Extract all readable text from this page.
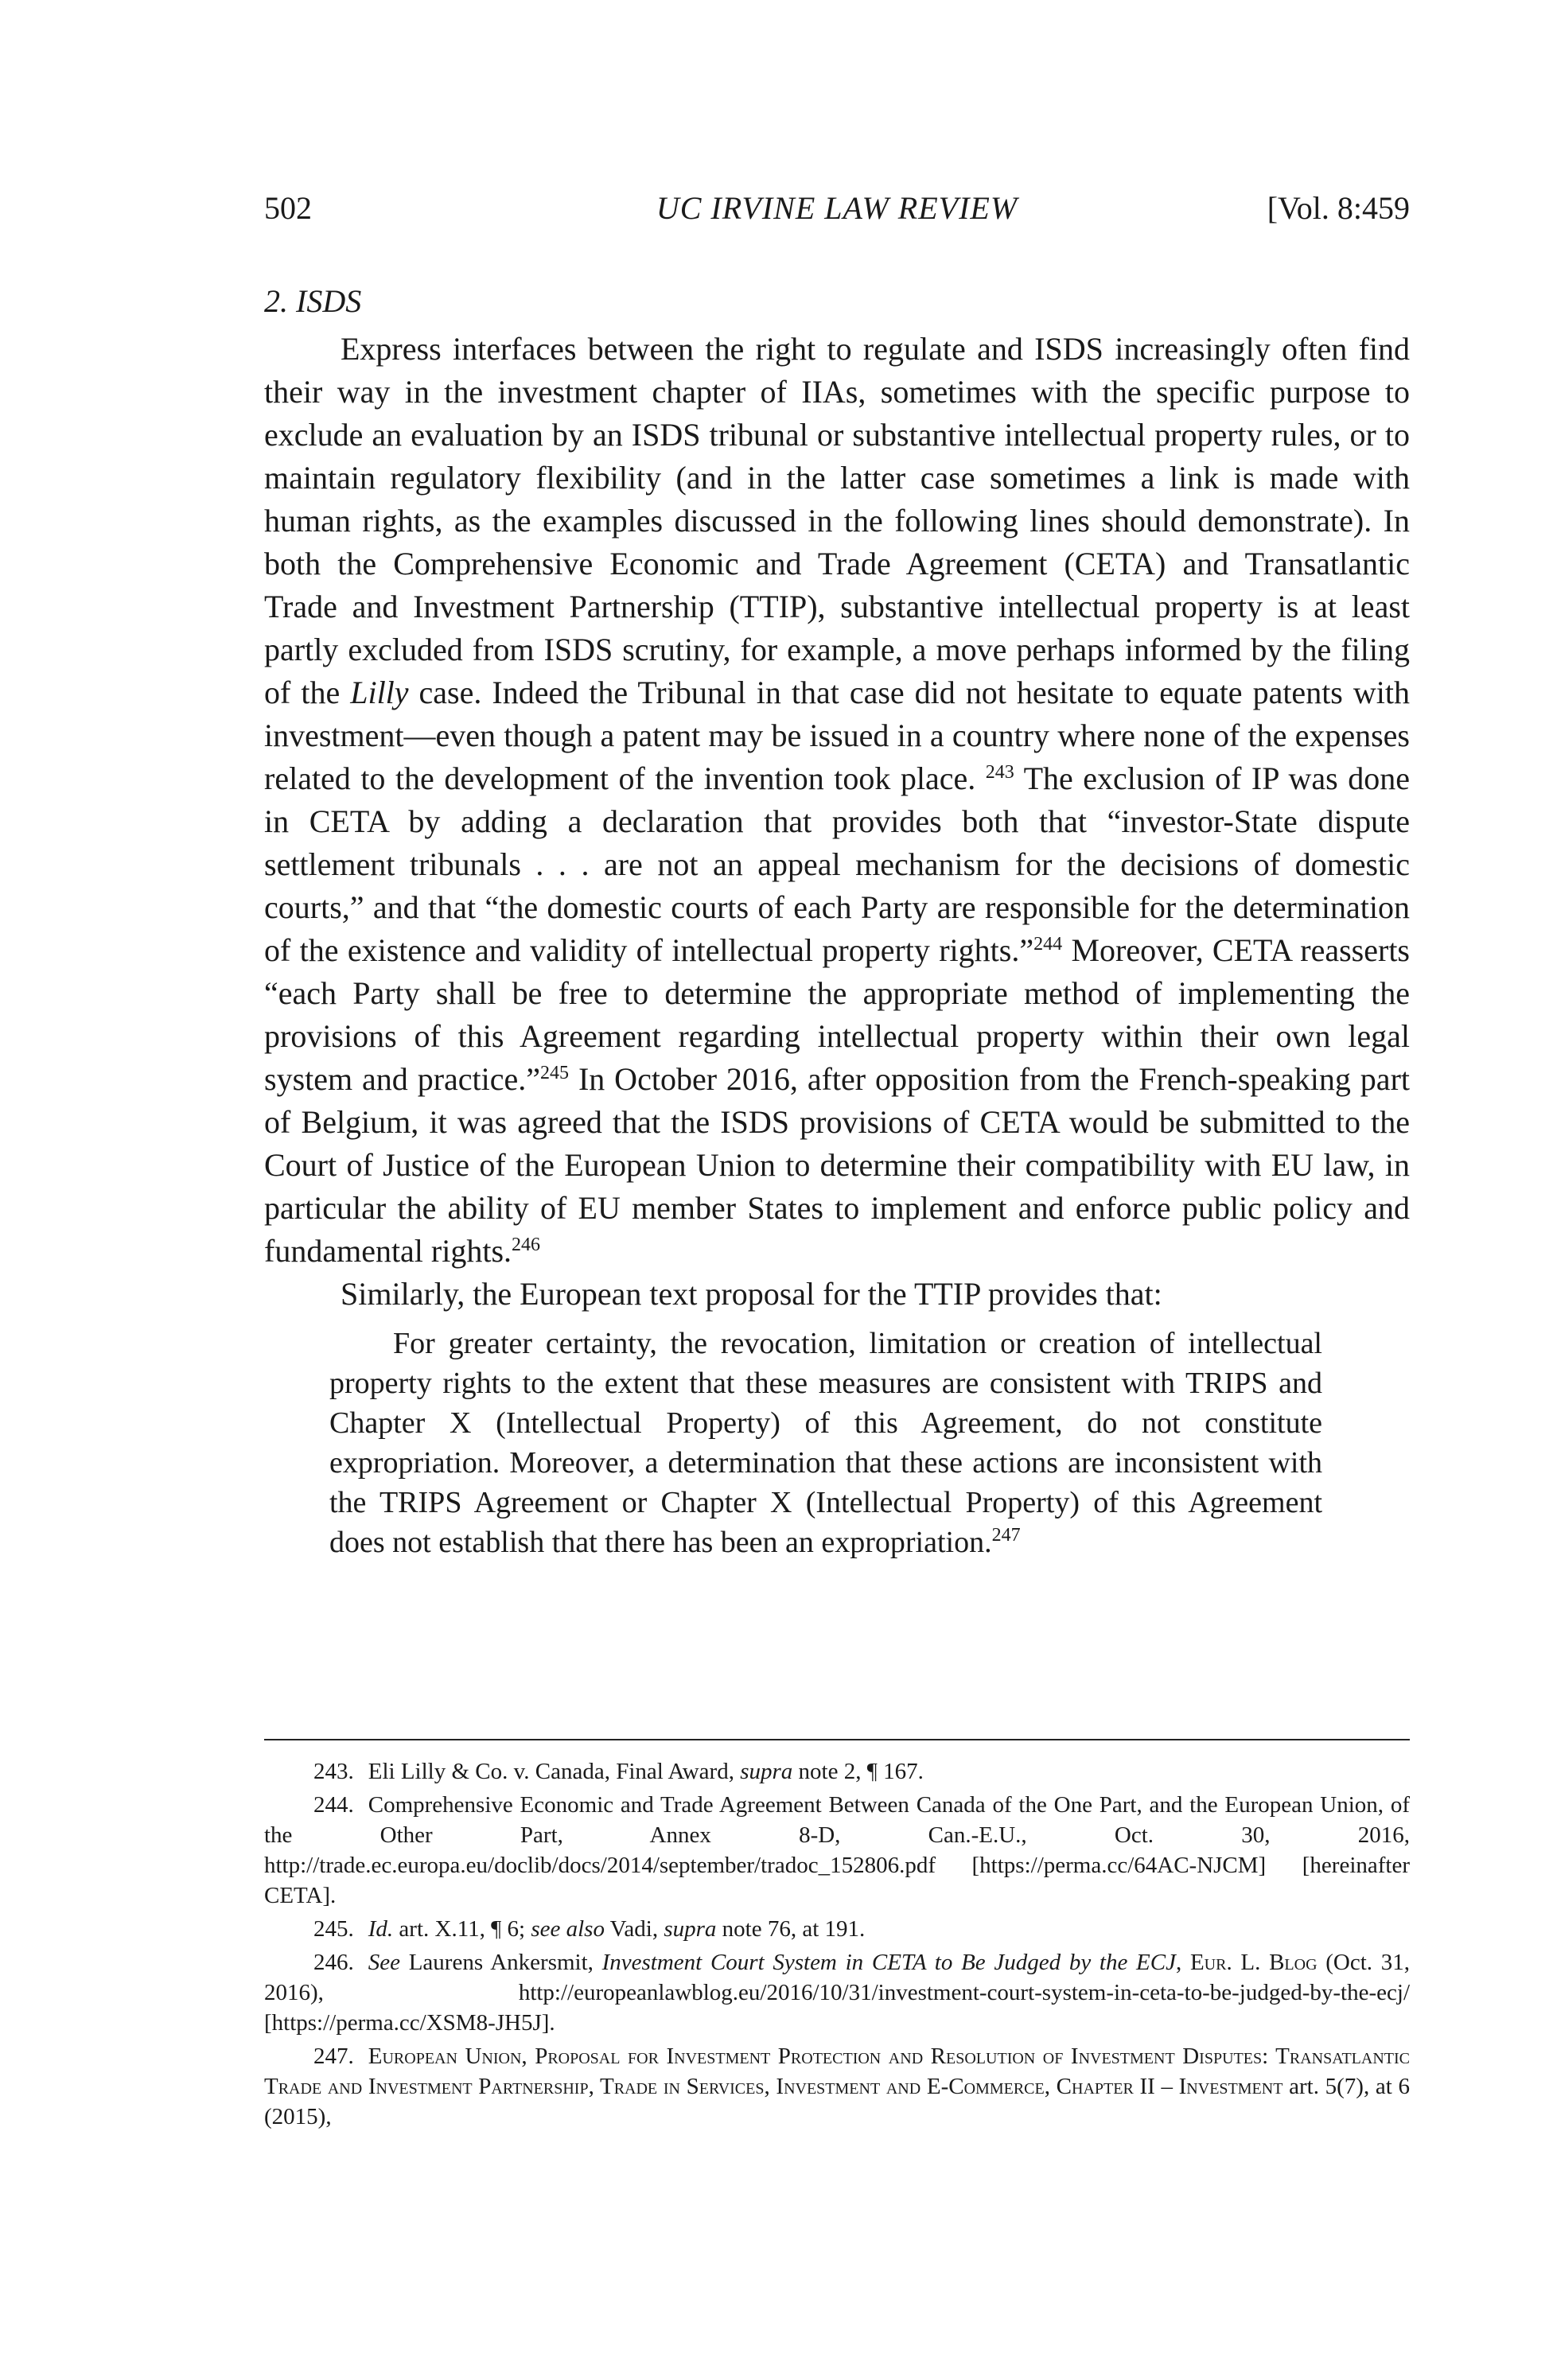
502	UC IRVINE LAW REVIEW	[Vol. 8:459
2. ISDS

Express interfaces between the right to regulate and ISDS increasingly often find their way in the investment chapter of IIAs, sometimes with the specific purpose to exclude an evaluation by an ISDS tribunal or substantive intellectual property rules, or to maintain regulatory flexibility (and in the latter case sometimes a link is made with human rights, as the examples discussed in the following lines should demonstrate). In both the Comprehensive Economic and Trade Agreement (CETA) and Transatlantic Trade and Investment Partnership (TTIP), substantive intellectual property is at least partly excluded from ISDS scrutiny, for example, a move perhaps informed by the filing of the Lilly case. Indeed the Tribunal in that case did not hesitate to equate patents with investment—even though a patent may be issued in a country where none of the expenses related to the development of the invention took place. $^{243}$ The exclusion of IP was done in CETA by adding a declaration that provides both that “investor-State dispute settlement tribunals . . . are not an appeal mechanism for the decisions of domestic courts,” and that “the domestic courts of each Party are responsible for the determination of the existence and validity of intellectual property rights.”$^{244}$ Moreover, CETA reasserts “each Party shall be free to determine the appropriate method of implementing the provisions of this Agreement regarding intellectual property within their own legal system and practice.”$^{245}$ In October 2016, after opposition from the French-speaking part of Belgium, it was agreed that the ISDS provisions of CETA would be submitted to the Court of Justice of the European Union to determine their compatibility with EU law, in particular the ability of EU member States to implement and enforce public policy and fundamental rights.$^{246}$

Similarly, the European text proposal for the TTIP provides that:

For greater certainty, the revocation, limitation or creation of intellectual property rights to the extent that these measures are consistent with TRIPS and Chapter X (Intellectual Property) of this Agreement, do not constitute expropriation. Moreover, a determination that these actions are inconsistent with the TRIPS Agreement or Chapter X (Intellectual Property) of this Agreement does not establish that there has been an expropriation.$^{247}$

243. Eli Lilly & Co. v. Canada, Final Award, supra note 2, ¶ 167.

244. Comprehensive Economic and Trade Agreement Between Canada of the One Part, and the European Union, of the Other Part, Annex 8-D, Can.-E.U., Oct. 30, 2016, http://trade.ec.europa.eu/doclib/docs/2014/september/tradoc_152806.pdf [https://perma.cc/64AC-NJCM] [hereinafter CETA].

245. Id. art. X.11, ¶ 6; see also Vadi, supra note 76, at 191.

246. See Laurens Ankersmit, Investment Court System in CETA to Be Judged by the ECJ, Eur. L. Blog (Oct. 31, 2016), http://europeanlawblog.eu/2016/10/31/investment-court-system-in-ceta-to-be-judged-by-the-ecj/ [https://perma.cc/XSM8-JH5J].

247. European Union, Proposal for Investment Protection and Resolution of Investment Disputes: Transatlantic Trade and Investment Partnership, Trade in Services, Investment and E-Commerce, Chapter II – Investment art. 5(7), at 6 (2015),
